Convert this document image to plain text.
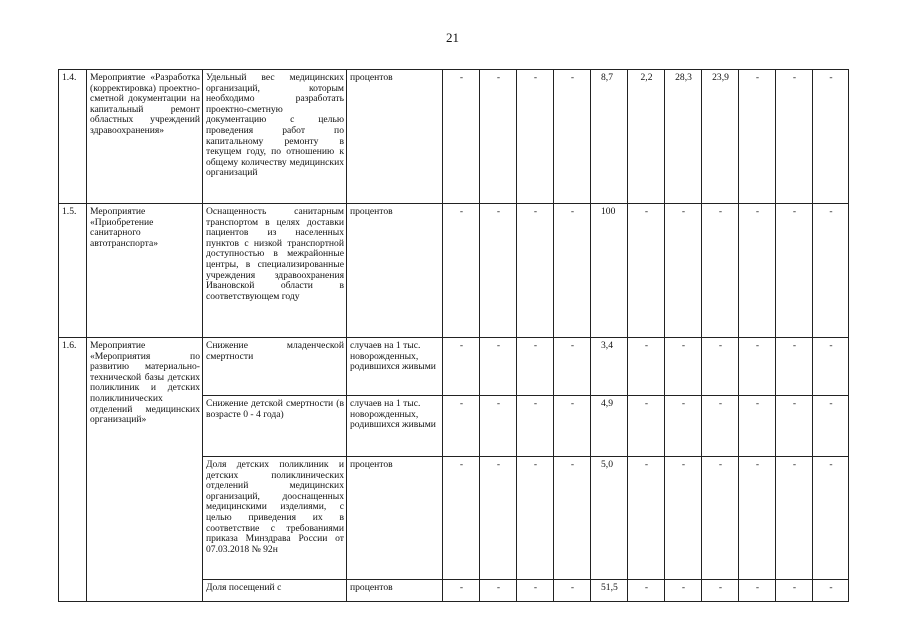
21
1.4.	Мероприятие «Разработка (корректировка) проектно-сметной документации на капитальный ремонт областных учреждений здравоохранения»	Удельный вес медицинских организаций, которым необходимо разработать проектно-сметную документацию с целью проведения работ по капитальному ремонту в текущем году, по отношению к общему количеству медицинских организаций	процентов	-	-	-	-	8,7	2,2	28,3	23,9	-	-	-
1.5.	Мероприятие «Приобретение санитарного автотранспорта»	Оснащенность санитарным транспортом в целях доставки пациентов из населенных пунктов с низкой транспортной доступностью в межрайонные центры, в специализированные учреждения здравоохранения Ивановской области в соответствующем году	процентов	-	-	-	-	100	-	-	-	-	-	-
1.6.	Мероприятие «Мероприятия по развитию материально-технической базы детских поликлиник и детских поликлинических отделений медицинских организаций»	Снижение младенческой смертности	случаев на 1 тыс. новорожденных, родившихся живыми	-	-	-	-	3,4	-	-	-	-	-	-
		Снижение детской смертности (в возрасте 0 - 4 года)	случаев на 1 тыс. новорожденных, родившихся живыми	-	-	-	-	4,9	-	-	-	-	-	-
		Доля детских поликлиник и детских поликлинических отделений медицинских организаций, дооснащенных медицинскими изделиями, с целью приведения их в соответствие с требованиями приказа Минздрава России от 07.03.2018 № 92н	процентов	-	-	-	-	5,0	-	-	-	-	-	-
		Доля посещений с	процентов	-	-	-	-	51,5	-	-	-	-	-	-
